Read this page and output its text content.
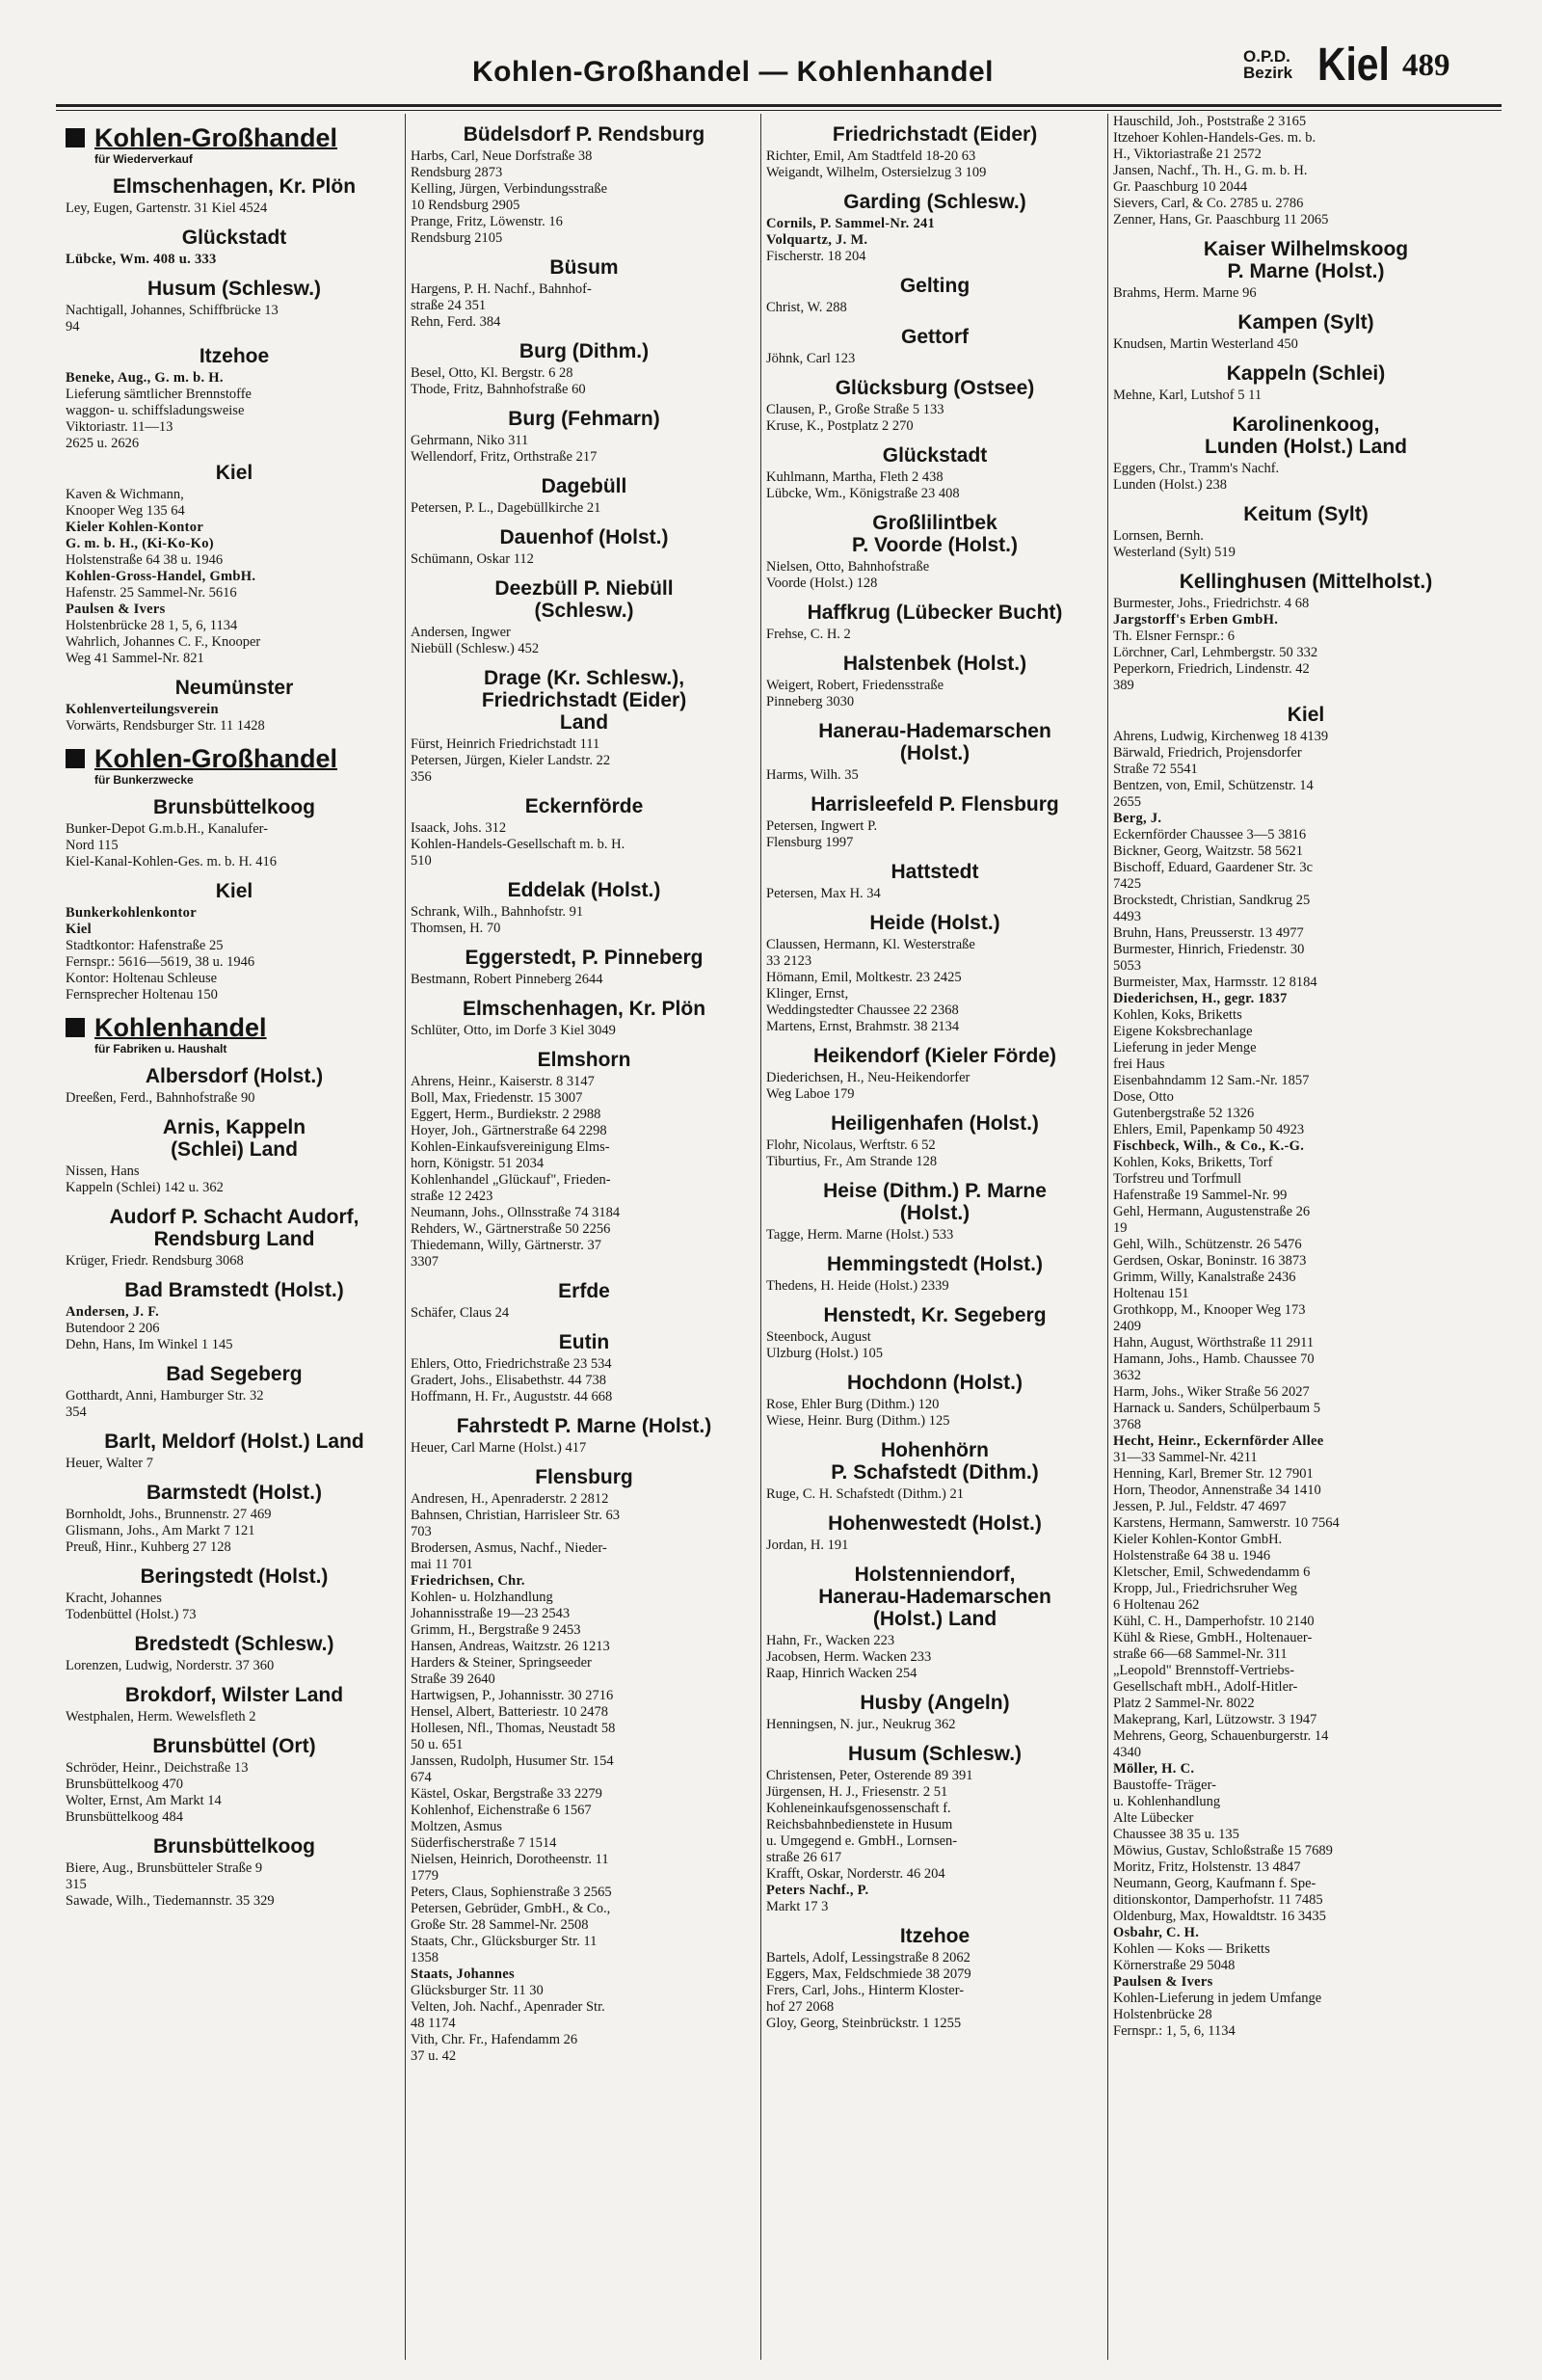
Kohlen-Großhandel — Kohlenhandel	O.P.D.
Bezirk Kiel 489
Kohlen-Großhandel
für Wiederverkauf
Elmschenhagen, Kr. Plön
Ley, Eugen, Gartenstr. 31 Kiel 4524
Glückstadt
Lübcke, Wm. 408 u. 333
Husum (Schlesw.)
Nachtigall, Johannes, Schiffbrücke 13
94
Itzehoe
Beneke, Aug., G. m. b. H.
Lieferung sämtlicher Brennstoffe
waggon- u. schiffsladungsweise
Viktoriastr. 11—13
2625 u. 2626
Kiel
Kaven & Wichmann,
Knooper Weg 135 64
Kieler Kohlen-Kontor
G. m. b. H., (Ki-Ko-Ko)
Holstenstraße 64 38 u. 1946
Kohlen-Gross-Handel, GmbH.
Hafenstr. 25 Sammel-Nr. 5616
Paulsen & Ivers
Holstenbrücke 28 1, 5, 6, 1134
Wahrlich, Johannes C. F., Knooper
Weg 41 Sammel-Nr. 821
Neumünster
Kohlenverteilungsverein
Vorwärts, Rendsburger Str. 11 1428
Kohlen-Großhandel
für Bunkerzwecke
Brunsbüttelkoog
Bunker-Depot G.m.b.H., Kanalufer-
Nord 115
Kiel-Kanal-Kohlen-Ges. m. b. H. 416
Kiel
Bunkerkohlenkontor
Kiel
Stadtkontor: Hafenstraße 25
Fernspr.: 5616—5619, 38 u. 1946
Kontor: Holtenau Schleuse
Fernsprecher Holtenau 150
Kohlenhandel
für Fabriken u. Haushalt
Albersdorf (Holst.)
Dreeßen, Ferd., Bahnhofstraße 90
Arnis, Kappeln
(Schlei) Land
Nissen, Hans
Kappeln (Schlei) 142 u. 362
Audorf P. Schacht Audorf,
Rendsburg Land
Krüger, Friedr. Rendsburg 3068
Bad Bramstedt (Holst.)
Andersen, J. F.
Butendoor 2 206
Dehn, Hans, Im Winkel 1 145
Bad Segeberg
Gotthardt, Anni, Hamburger Str. 32
354
Barlt, Meldorf (Holst.) Land
Heuer, Walter 7
Barmstedt (Holst.)
Bornholdt, Johs., Brunnenstr. 27 469
Glismann, Johs., Am Markt 7 121
Preuß, Hinr., Kuhberg 27 128
Beringstedt (Holst.)
Kracht, Johannes
Todenbüttel (Holst.) 73
Bredstedt (Schlesw.)
Lorenzen, Ludwig, Norderstr. 37 360
Brokdorf, Wilster Land
Westphalen, Herm. Wewelsfleth 2
Brunsbüttel (Ort)
Schröder, Heinr., Deichstraße 13
Brunsbüttelkoog 470
Wolter, Ernst, Am Markt 14
Brunsbüttelkoog 484
Brunsbüttelkoog
Biere, Aug., Brunsbütteler Straße 9
315
Sawade, Wilh., Tiedemannstr. 35 329
Büdelsdorf P. Rendsburg
Harbs, Carl, Neue Dorfstraße 38
Rendsburg 2873
Kelling, Jürgen, Verbindungsstraße
10 Rendsburg 2905
Prange, Fritz, Löwenstr. 16
Rendsburg 2105
Büsum
Hargens, P. H. Nachf., Bahnhof-
straße 24 351
Rehn, Ferd. 384
Burg (Dithm.)
Besel, Otto, Kl. Bergstr. 6 28
Thode, Fritz, Bahnhofstraße 60
Burg (Fehmarn)
Gehrmann, Niko 311
Wellendorf, Fritz, Orthstraße 217
Dagebüll
Petersen, P. L., Dagebüllkirche 21
Dauenhof (Holst.)
Schümann, Oskar 112
Deezbüll P. Niebüll
(Schlesw.)
Andersen, Ingwer
Niebüll (Schlesw.) 452
Drage (Kr. Schlesw.),
Friedrichstadt (Eider)
Land
Fürst, Heinrich Friedrichstadt 111
Petersen, Jürgen, Kieler Landstr. 22
356
Eckernförde
Isaack, Johs. 312
Kohlen-Handels-Gesellschaft m. b. H.
510
Eddelak (Holst.)
Schrank, Wilh., Bahnhofstr. 91
Thomsen, H. 70
Eggerstedt, P. Pinneberg
Bestmann, Robert Pinneberg 2644
Elmschenhagen, Kr. Plön
Schlüter, Otto, im Dorfe 3 Kiel 3049
Elmshorn
Ahrens, Heinr., Kaiserstr. 8 3147
Boll, Max, Friedenstr. 15 3007
Eggert, Herm., Burdiekstr. 2 2988
Hoyer, Joh., Gärtnerstraße 64 2298
Kohlen-Einkaufsvereinigung Elms-
horn, Königstr. 51 2034
Kohlenhandel „Glückauf", Frieden-
straße 12 2423
Neumann, Johs., Ollnsstraße 74 3184
Rehders, W., Gärtnerstraße 50 2256
Thiedemann, Willy, Gärtnerstr. 37
3307
Erfde
Schäfer, Claus 24
Eutin
Ehlers, Otto, Friedrichstraße 23 534
Gradert, Johs., Elisabethstr. 44 738
Hoffmann, H. Fr., Auguststr. 44 668
Fahrstedt P. Marne (Holst.)
Heuer, Carl Marne (Holst.) 417
Flensburg
Andresen, H., Apenraderstr. 2 2812
Bahnsen, Christian, Harrisleer Str. 63
703
Brodersen, Asmus, Nachf., Nieder-
mai 11 701
Friedrichsen, Chr.
Kohlen- u. Holzhandlung
Johannisstraße 19—23 2543
Grimm, H., Bergstraße 9 2453
Hansen, Andreas, Waitzstr. 26 1213
Harders & Steiner, Springseeder
Straße 39 2640
Hartwigsen, P., Johannisstr. 30 2716
Hensel, Albert, Batteriestr. 10 2478
Hollesen, Nfl., Thomas, Neustadt 58
50 u. 651
Janssen, Rudolph, Husumer Str. 154
674
Kästel, Oskar, Bergstraße 33 2279
Kohlenhof, Eichenstraße 6 1567
Moltzen, Asmus
Süderfischerstraße 7 1514
Nielsen, Heinrich, Dorotheenstr. 11
1779
Peters, Claus, Sophienstraße 3 2565
Petersen, Gebrüder, GmbH., & Co.,
Große Str. 28 Sammel-Nr. 2508
Staats, Chr., Glücksburger Str. 11
1358
Staats, Johannes
Glücksburger Str. 11 30
Velten, Joh. Nachf., Apenrader Str.
48 1174
Vith, Chr. Fr., Hafendamm 26
37 u. 42
Friedrichstadt (Eider)
Richter, Emil, Am Stadtfeld 18-20 63
Weigandt, Wilhelm, Ostersielzug 3 109
Garding (Schlesw.)
Cornils, P. Sammel-Nr. 241
Volquartz, J. M.
Fischerstr. 18 204
Gelting
Christ, W. 288
Gettorf
Jöhnk, Carl 123
Glücksburg (Ostsee)
Clausen, P., Große Straße 5 133
Kruse, K., Postplatz 2 270
Glückstadt
Kuhlmann, Martha, Fleth 2 438
Lübcke, Wm., Königstraße 23 408
Großlilintbek
P. Voorde (Holst.)
Nielsen, Otto, Bahnhofstraße
Voorde (Holst.) 128
Haffkrug (Lübecker Bucht)
Frehse, C. H. 2
Halstenbek (Holst.)
Weigert, Robert, Friedensstraße
Pinneberg 3030
Hanerau-Hademarschen
(Holst.)
Harms, Wilh. 35
Harrisleefeld P. Flensburg
Petersen, Ingwert P.
Flensburg 1997
Hattstedt
Petersen, Max H. 34
Heide (Holst.)
Claussen, Hermann, Kl. Westerstraße
33 2123
Hömann, Emil, Moltkestr. 23 2425
Klinger, Ernst,
Weddingstedter Chaussee 22 2368
Martens, Ernst, Brahmstr. 38 2134
Heikendorf (Kieler Förde)
Diederichsen, H., Neu-Heikendorfer
Weg Laboe 179
Heiligenhafen (Holst.)
Flohr, Nicolaus, Werftstr. 6 52
Tiburtius, Fr., Am Strande 128
Heise (Dithm.) P. Marne
(Holst.)
Tagge, Herm. Marne (Holst.) 533
Hemmingstedt (Holst.)
Thedens, H. Heide (Holst.) 2339
Henstedt, Kr. Segeberg
Steenbock, August
Ulzburg (Holst.) 105
Hochdonn (Holst.)
Rose, Ehler Burg (Dithm.) 120
Wiese, Heinr. Burg (Dithm.) 125
Hohenhörn
P. Schafstedt (Dithm.)
Ruge, C. H. Schafstedt (Dithm.) 21
Hohenwestedt (Holst.)
Jordan, H. 191
Holstenniendorf,
Hanerau-Hademarschen
(Holst.) Land
Hahn, Fr., Wacken 223
Jacobsen, Herm. Wacken 233
Raap, Hinrich Wacken 254
Husby (Angeln)
Henningsen, N. jur., Neukrug 362
Husum (Schlesw.)
Christensen, Peter, Osterende 89 391
Jürgensen, H. J., Friesenstr. 2 51
Kohleneinkaufsgenossenschaft f.
Reichsbahnbedienstete in Husum
u. Umgegend e. GmbH., Lornsen-
straße 26 617
Krafft, Oskar, Norderstr. 46 204
Peters Nachf., P.
Markt 17 3
Itzehoe
Bartels, Adolf, Lessingstraße 8 2062
Eggers, Max, Feldschmiede 38 2079
Frers, Carl, Johs., Hinterm Kloster-
hof 27 2068
Gloy, Georg, Steinbrückstr. 1 1255
Hauschild, Joh., Poststraße 2 3165
Itzehoer Kohlen-Handels-Ges. m. b.
H., Viktoriastraße 21 2572
Jansen, Nachf., Th. H., G. m. b. H.
Gr. Paaschburg 10 2044
Sievers, Carl, & Co. 2785 u. 2786
Zenner, Hans, Gr. Paaschburg 11 2065
Kaiser Wilhelmskoog
P. Marne (Holst.)
Brahms, Herm. Marne 96
Kampen (Sylt)
Knudsen, Martin Westerland 450
Kappeln (Schlei)
Mehne, Karl, Lutshof 5 11
Karolinenkoog,
Lunden (Holst.) Land
Eggers, Chr., Tramm's Nachf.
Lunden (Holst.) 238
Keitum (Sylt)
Lornsen, Bernh.
Westerland (Sylt) 519
Kellinghusen (Mittelholst.)
Burmester, Johs., Friedrichstr. 4 68
Jargstorff's Erben GmbH.
Th. Elsner Fernspr.: 6
Lörchner, Carl, Lehmbergstr. 50 332
Peperkorn, Friedrich, Lindenstr. 42
389
Kiel
Ahrens, Ludwig, Kirchenweg 18 4139
Bärwald, Friedrich, Projensdorfer
Straße 72 5541
Bentzen, von, Emil, Schützenstr. 14
2655
Berg, J.
Eckernförder Chaussee 3—5 3816
Bickner, Georg, Waitzstr. 58 5621
Bischoff, Eduard, Gaardener Str. 3c
7425
Brockstedt, Christian, Sandkrug 25
4493
Bruhn, Hans, Preusserstr. 13 4977
Burmester, Hinrich, Friedenstr. 30
5053
Burmeister, Max, Harmsstr. 12 8184
Diederichsen, H., gegr. 1837
Kohlen, Koks, Briketts
Eigene Koksbrechanlage
Lieferung in jeder Menge
frei Haus
Eisenbahndamm 12 Sam.-Nr. 1857
Dose, Otto
Gutenbergstraße 52 1326
Ehlers, Emil, Papenkamp 50 4923
Fischbeck, Wilh., & Co., K.-G.
Kohlen, Koks, Briketts, Torf
Torfstreu und Torfmull
Hafenstraße 19 Sammel-Nr. 99
Gehl, Hermann, Augustenstraße 26
19
Gehl, Wilh., Schützenstr. 26 5476
Gerdsen, Oskar, Boninstr. 16 3873
Grimm, Willy, Kanalstraße 2436
Holtenau 151
Grothkopp, M., Knooper Weg 173
2409
Hahn, August, Wörthstraße 11 2911
Hamann, Johs., Hamb. Chaussee 70
3632
Harm, Johs., Wiker Straße 56 2027
Harnack u. Sanders, Schülperbaum 5
3768
Hecht, Heinr., Eckernförder Allee
31—33 Sammel-Nr. 4211
Henning, Karl, Bremer Str. 12 7901
Horn, Theodor, Annenstraße 34 1410
Jessen, P. Jul., Feldstr. 47 4697
Karstens, Hermann, Samwerstr. 10 7564
Kieler Kohlen-Kontor GmbH.
Holstenstraße 64 38 u. 1946
Kletscher, Emil, Schwedendamm 6
Kropp, Jul., Friedrichsruher Weg
6 Holtenau 262
Kühl, C. H., Damperhofstr. 10 2140
Kühl & Riese, GmbH., Holtenauer-
straße 66—68 Sammel-Nr. 311
„Leopold" Brennstoff-Vertriebs-
Gesellschaft mbH., Adolf-Hitler-
Platz 2 Sammel-Nr. 8022
Makeprang, Karl, Lützowstr. 3 1947
Mehrens, Georg, Schauenburgerstr. 14
4340
Möller, H. C.
Baustoffe- Träger-
u. Kohlenhandlung
Alte Lübecker
Chaussee 38 35 u. 135
Möwius, Gustav, Schloßstraße 15 7689
Moritz, Fritz, Holstenstr. 13 4847
Neumann, Georg, Kaufmann f. Spe-
ditionskontor, Damperhofstr. 11 7485
Oldenburg, Max, Howaldtstr. 16 3435
Osbahr, C. H.
Kohlen — Koks — Briketts
Körnerstraße 29 5048
Paulsen & Ivers
Kohlen-Lieferung in jedem Umfange
Holstenbrücke 28
Fernspr.: 1, 5, 6, 1134
